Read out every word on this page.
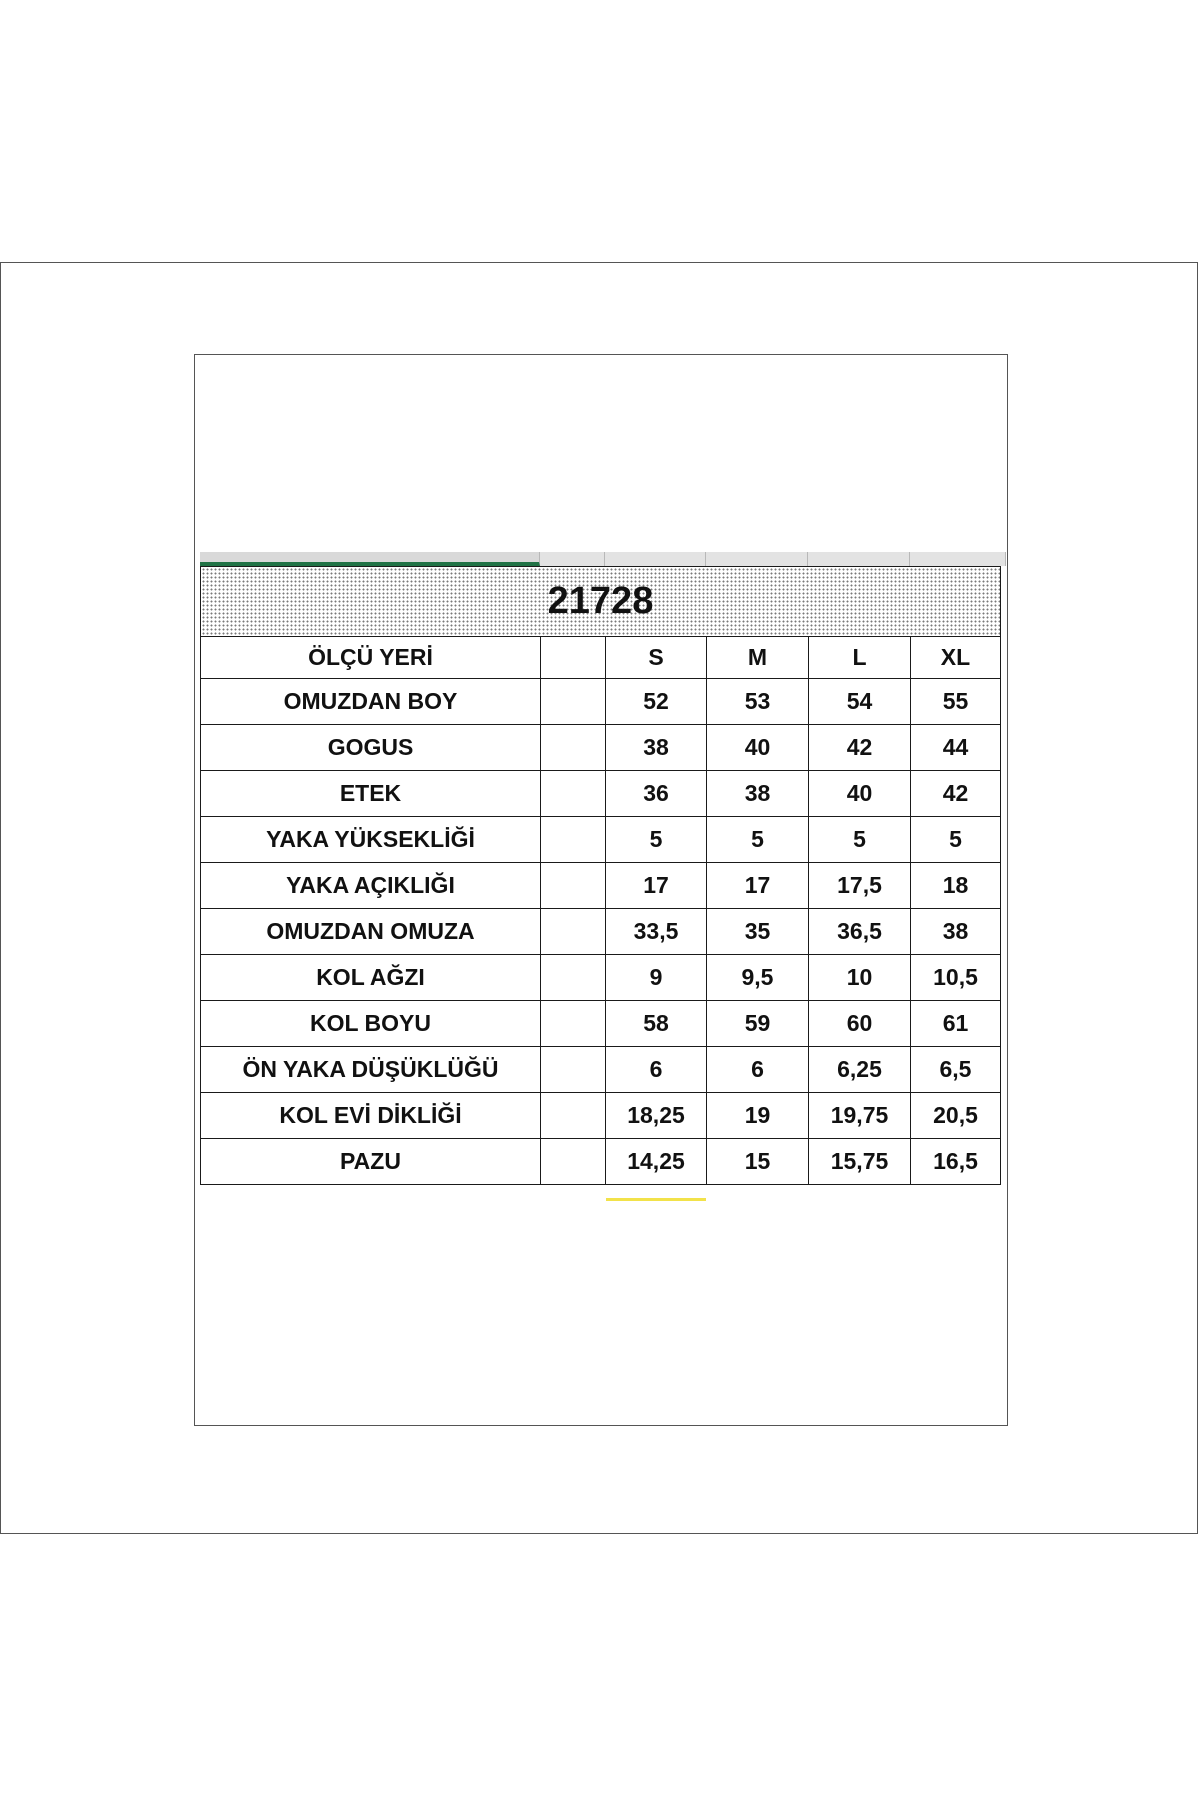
21728					
ÖLÇÜ YERİ		S	M	L	XL
OMUZDAN BOY		52	53	54	55
GOGUS		38	40	42	44
ETEK		36	38	40	42
YAKA YÜKSEKLİĞİ		5	5	5	5
YAKA AÇIKLIĞI		17	17	17,5	18
OMUZDAN OMUZA		33,5	35	36,5	38
KOL AĞZI		9	9,5	10	10,5
KOL BOYU		58	59	60	61
ÖN YAKA DÜŞÜKLÜĞÜ		6	6	6,25	6,5
KOL EVİ DİKLİĞİ		18,25	19	19,75	20,5
PAZU		14,25	15	15,75	16,5
